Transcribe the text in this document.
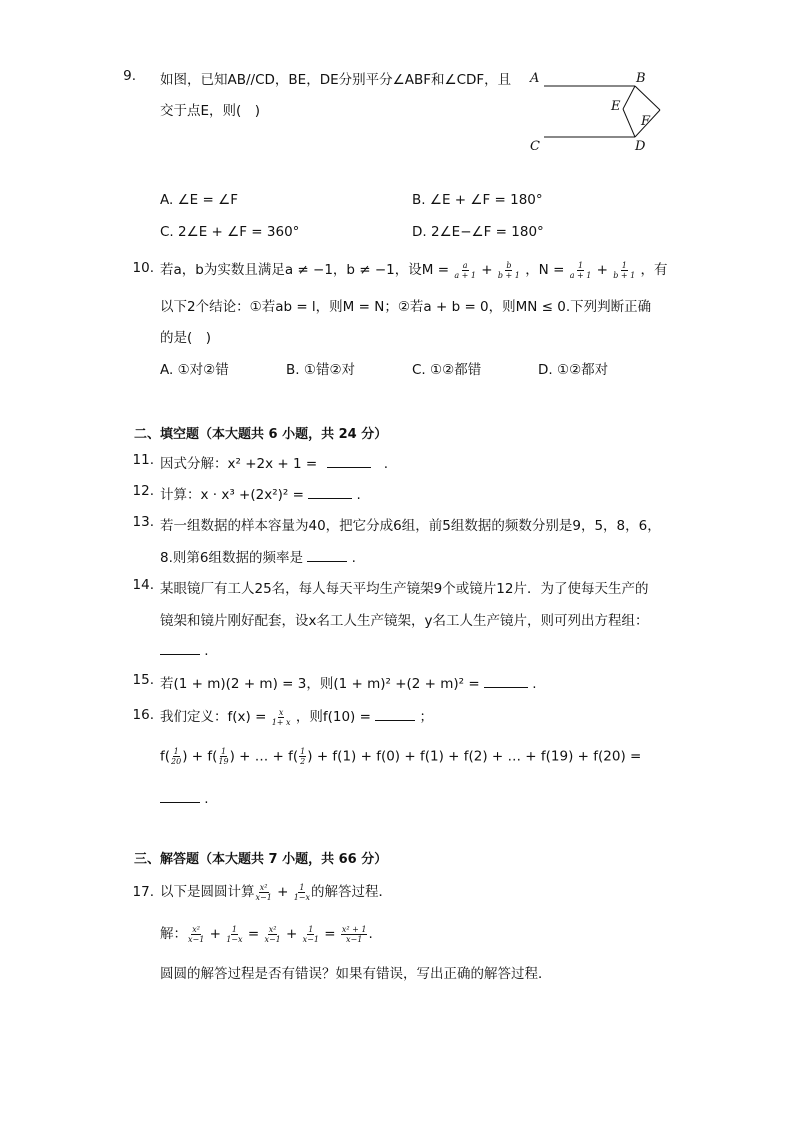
9. 如图，已知AB//CD，BE，DE分别平分∠ABF和∠CDF，且
交于点E，则(　)
A	B
C	D
E
F
A. ∠E = ∠F	B. ∠E + ∠F = 180°
C. 2∠E + ∠F = 360°	D. 2∠E−∠F = 180°
10. 若a，b为实数且满足a ≠ −1，b ≠ −1，设$M = \frac{a}{a + 1} + \frac{b}{b + 1}$ ，$N = \frac{1}{a + 1} + \frac{1}{b + 1}$ ，有
以下2个结论：①若ab = l，则M = N；②若a + b = 0，则MN ≤ 0.下列判断正确
的是(　)
A. ①对②错	B. ①错②对	C. ①②都错	D. ①②都对
二、填空题（本大题共 6 小题，共 24 分）
11. 因式分解：x² +2x + 1 =	.
12. 计算：x · x³ +(2x²)² =	.
13. 若一组数据的样本容量为40，把它分成6组，前5组数据的频数分别是9，5，8，6，
8.则第6组数据的频率是	.
14. 某眼镜厂有工人25名，每人每天平均生产镜架9个或镜片12片．为了使每天生产的
镜架和镜片刚好配套，设x名工人生产镜架，y名工人生产镜片，则可列出方程组：
.
15. 若(1 + m)(2 + m) = 3，则(1 + m)² +(2 + m)² =	.
16. 我们定义：$f(x) = \frac{x}{1+ x}$ ，则f(10) =	；
$f( \frac{1}{20}$ ) + $f( \frac{1}{19}$ ) + … + $f( \frac{1}{2}$ ) + f(1) + f(0) + f(1) + f(2) + … + f(19) + f(20) =
.
三、解答题（本大题共 7 小题，共 66 分）
17. 以下是圆圆计算 $\frac{\text{x²}}{x-1} + \frac{1}{1-x}$ 的解答过程．
解： $\frac{\text{x²}}{x-1} + \frac{1}{1-x} = \frac{\text{x²}}{x-1} + \frac{1}{x-1} = \frac{\text{x² + 1}}{x-1}$ .
圆圆的解答过程是否有错误？如果有错误，写出正确的解答过程．
